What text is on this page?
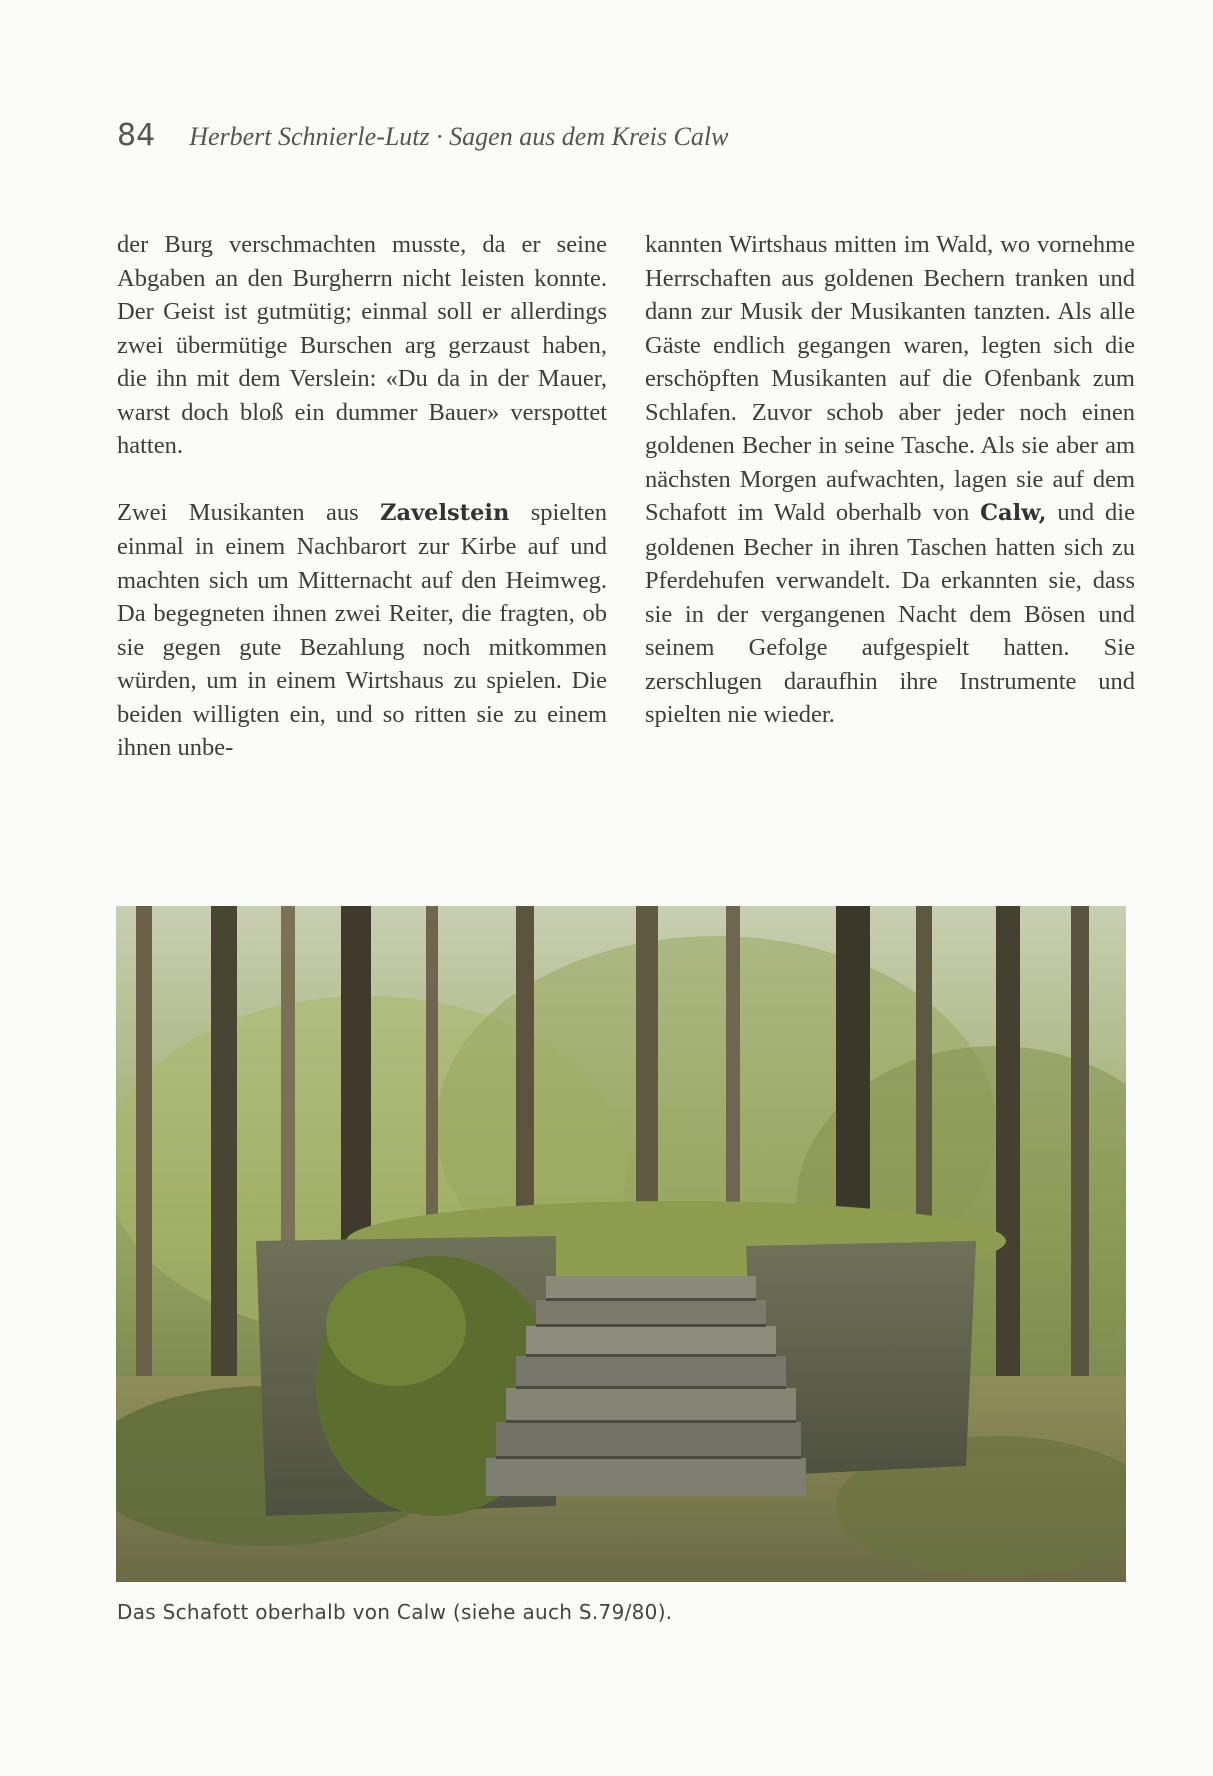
84 Herbert Schnierle-Lutz · Sagen aus dem Kreis Calw

der Burg verschmachten musste, da er seine Abgaben an den Burgherrn nicht leisten konnte. Der Geist ist gutmütig; einmal soll er allerdings zwei übermütige Burschen arg gerzaust haben, die ihn mit dem Verslein: «Du da in der Mauer, warst doch bloß ein dummer Bauer» verspottet hatten.

Zwei Musikanten aus Zavelstein spielten einmal in einem Nachbarort zur Kirbe auf und machten sich um Mitternacht auf den Heimweg. Da begegneten ihnen zwei Reiter, die fragten, ob sie gegen gute Bezahlung noch mitkommen würden, um in einem Wirtshaus zu spielen. Die beiden willigten ein, und so ritten sie zu einem ihnen unbe-

kannten Wirtshaus mitten im Wald, wo vornehme Herrschaften aus goldenen Bechern tranken und dann zur Musik der Musikanten tanzten. Als alle Gäste endlich gegangen waren, legten sich die erschöpften Musikanten auf die Ofenbank zum Schlafen. Zuvor schob aber jeder noch einen goldenen Becher in seine Tasche. Als sie aber am nächsten Morgen aufwachten, lagen sie auf dem Schafott im Wald oberhalb von Calw, und die goldenen Becher in ihren Taschen hatten sich zu Pferdehufen verwandelt. Da erkannten sie, dass sie in der vergangenen Nacht dem Bösen und seinem Gefolge aufgespielt hatten. Sie zerschlugen daraufhin ihre Instrumente und spielten nie wieder.

Das Schafott oberhalb von Calw (siehe auch S.79/80).
